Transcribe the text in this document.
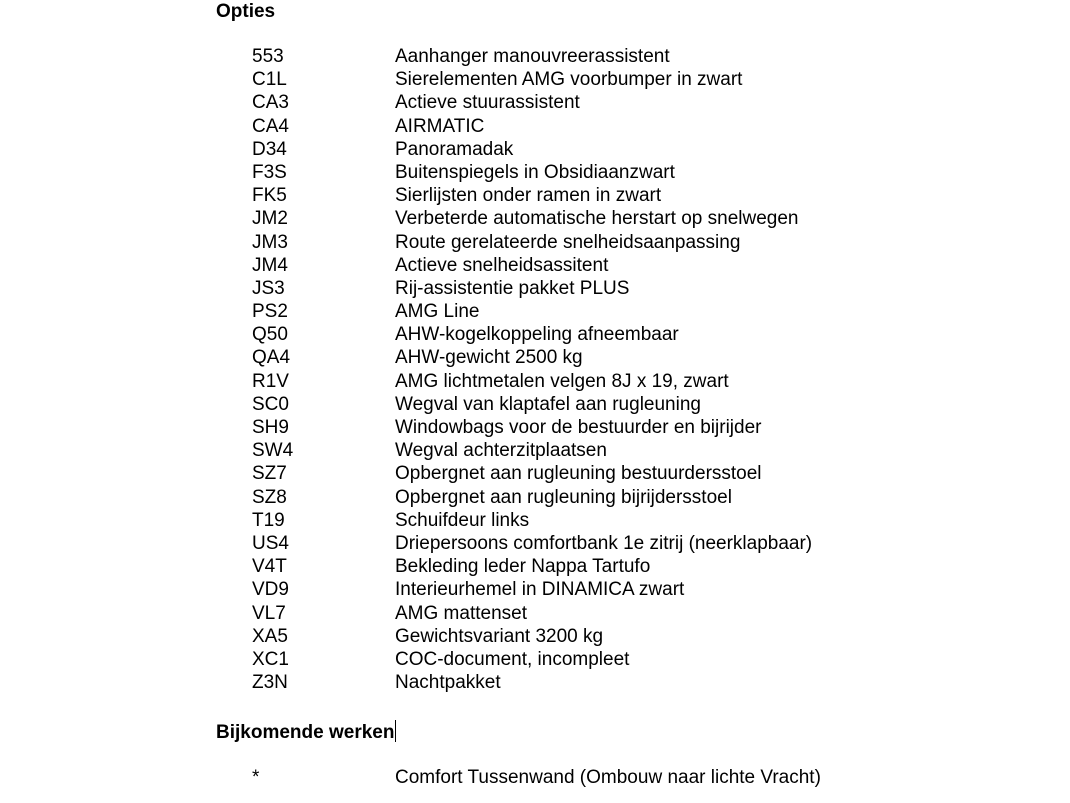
Opties
553	Aanhanger manouvreerassistent
C1L	Sierelementen AMG voorbumper in zwart
CA3	Actieve stuurassistent
CA4	AIRMATIC
D34	Panoramadak
F3S	Buitenspiegels in Obsidiaanzwart
FK5	Sierlijsten onder ramen in zwart
JM2	Verbeterde automatische herstart op snelwegen
JM3	Route gerelateerde snelheidsaanpassing
JM4	Actieve snelheidsassitent
JS3	Rij-assistentie pakket PLUS
PS2	AMG Line
Q50	AHW-kogelkoppeling afneembaar
QA4	AHW-gewicht 2500 kg
R1V	AMG lichtmetalen velgen 8J x 19, zwart
SC0	Wegval van klaptafel aan rugleuning
SH9	Windowbags voor de bestuurder en bijrijder
SW4	Wegval achterzitplaatsen
SZ7	Opbergnet aan rugleuning bestuurdersstoel
SZ8	Opbergnet aan rugleuning bijrijdersstoel
T19	Schuifdeur links
US4	Driepersoons comfortbank 1e zitrij (neerklapbaar)
V4T	Bekleding leder Nappa Tartufo
VD9	Interieurhemel in DINAMICA zwart
VL7	AMG mattenset
XA5	Gewichtsvariant 3200 kg
XC1	COC-document, incompleet
Z3N	Nachtpakket
Bijkomende werken
*	Comfort Tussenwand (Ombouw naar lichte Vracht)
